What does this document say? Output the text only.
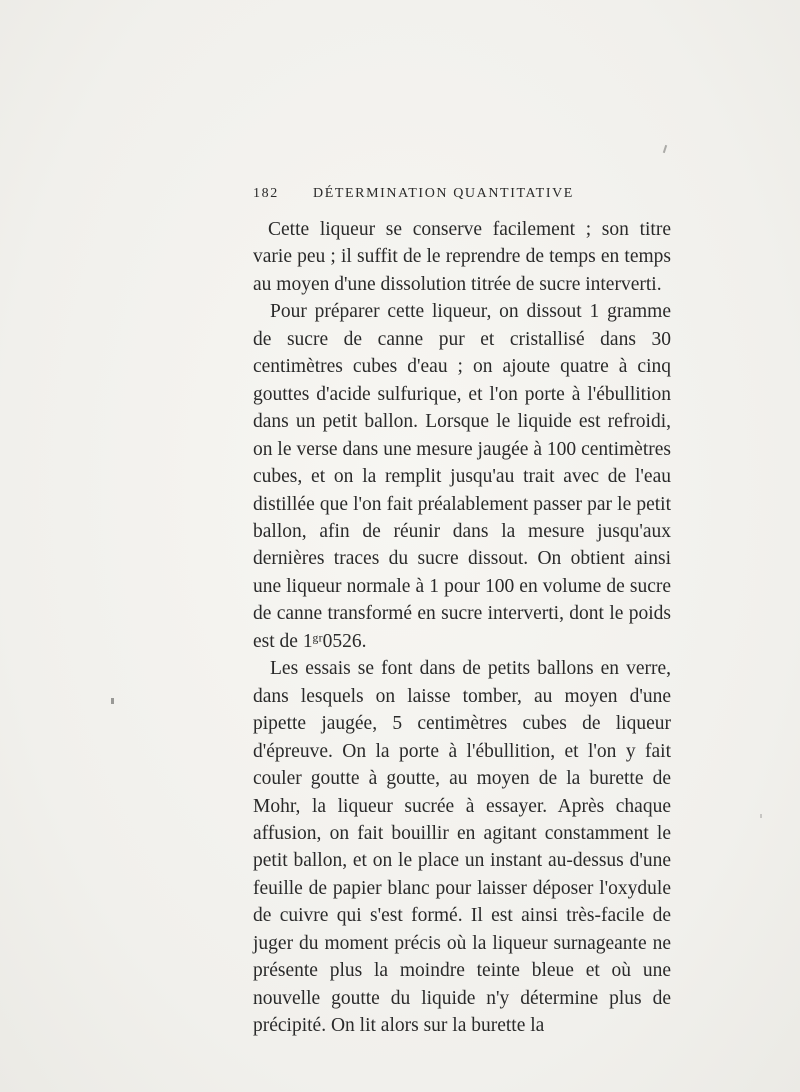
182 DÉTERMINATION QUANTITATIVE

Cette liqueur se conserve facilement ; son titre varie peu ; il suffit de le reprendre de temps en temps au moyen d'une dissolution titrée de sucre interverti.

Pour préparer cette liqueur, on dissout 1 gramme de sucre de canne pur et cristallisé dans 30 centimètres cubes d'eau ; on ajoute quatre à cinq gouttes d'acide sulfurique, et l'on porte à l'ébullition dans un petit ballon. Lorsque le liquide est refroidi, on le verse dans une mesure jaugée à 100 centimètres cubes, et on la remplit jusqu'au trait avec de l'eau distillée que l'on fait préalablement passer par le petit ballon, afin de réunir dans la mesure jusqu'aux dernières traces du sucre dissout. On obtient ainsi une liqueur normale à 1 pour 100 en volume de sucre de canne transformé en sucre interverti, dont le poids est de 1ᵍʳ0526.

Les essais se font dans de petits ballons en verre, dans lesquels on laisse tomber, au moyen d'une pipette jaugée, 5 centimètres cubes de liqueur d'épreuve. On la porte à l'ébullition, et l'on y fait couler goutte à goutte, au moyen de la burette de Mohr, la liqueur sucrée à essayer. Après chaque affusion, on fait bouillir en agitant constamment le petit ballon, et on le place un instant au-dessus d'une feuille de papier blanc pour laisser déposer l'oxydule de cuivre qui s'est formé. Il est ainsi très-facile de juger du moment précis où la liqueur surnageante ne présente plus la moindre teinte bleue et où une nouvelle goutte du liquide n'y détermine plus de précipité. On lit alors sur la burette la
